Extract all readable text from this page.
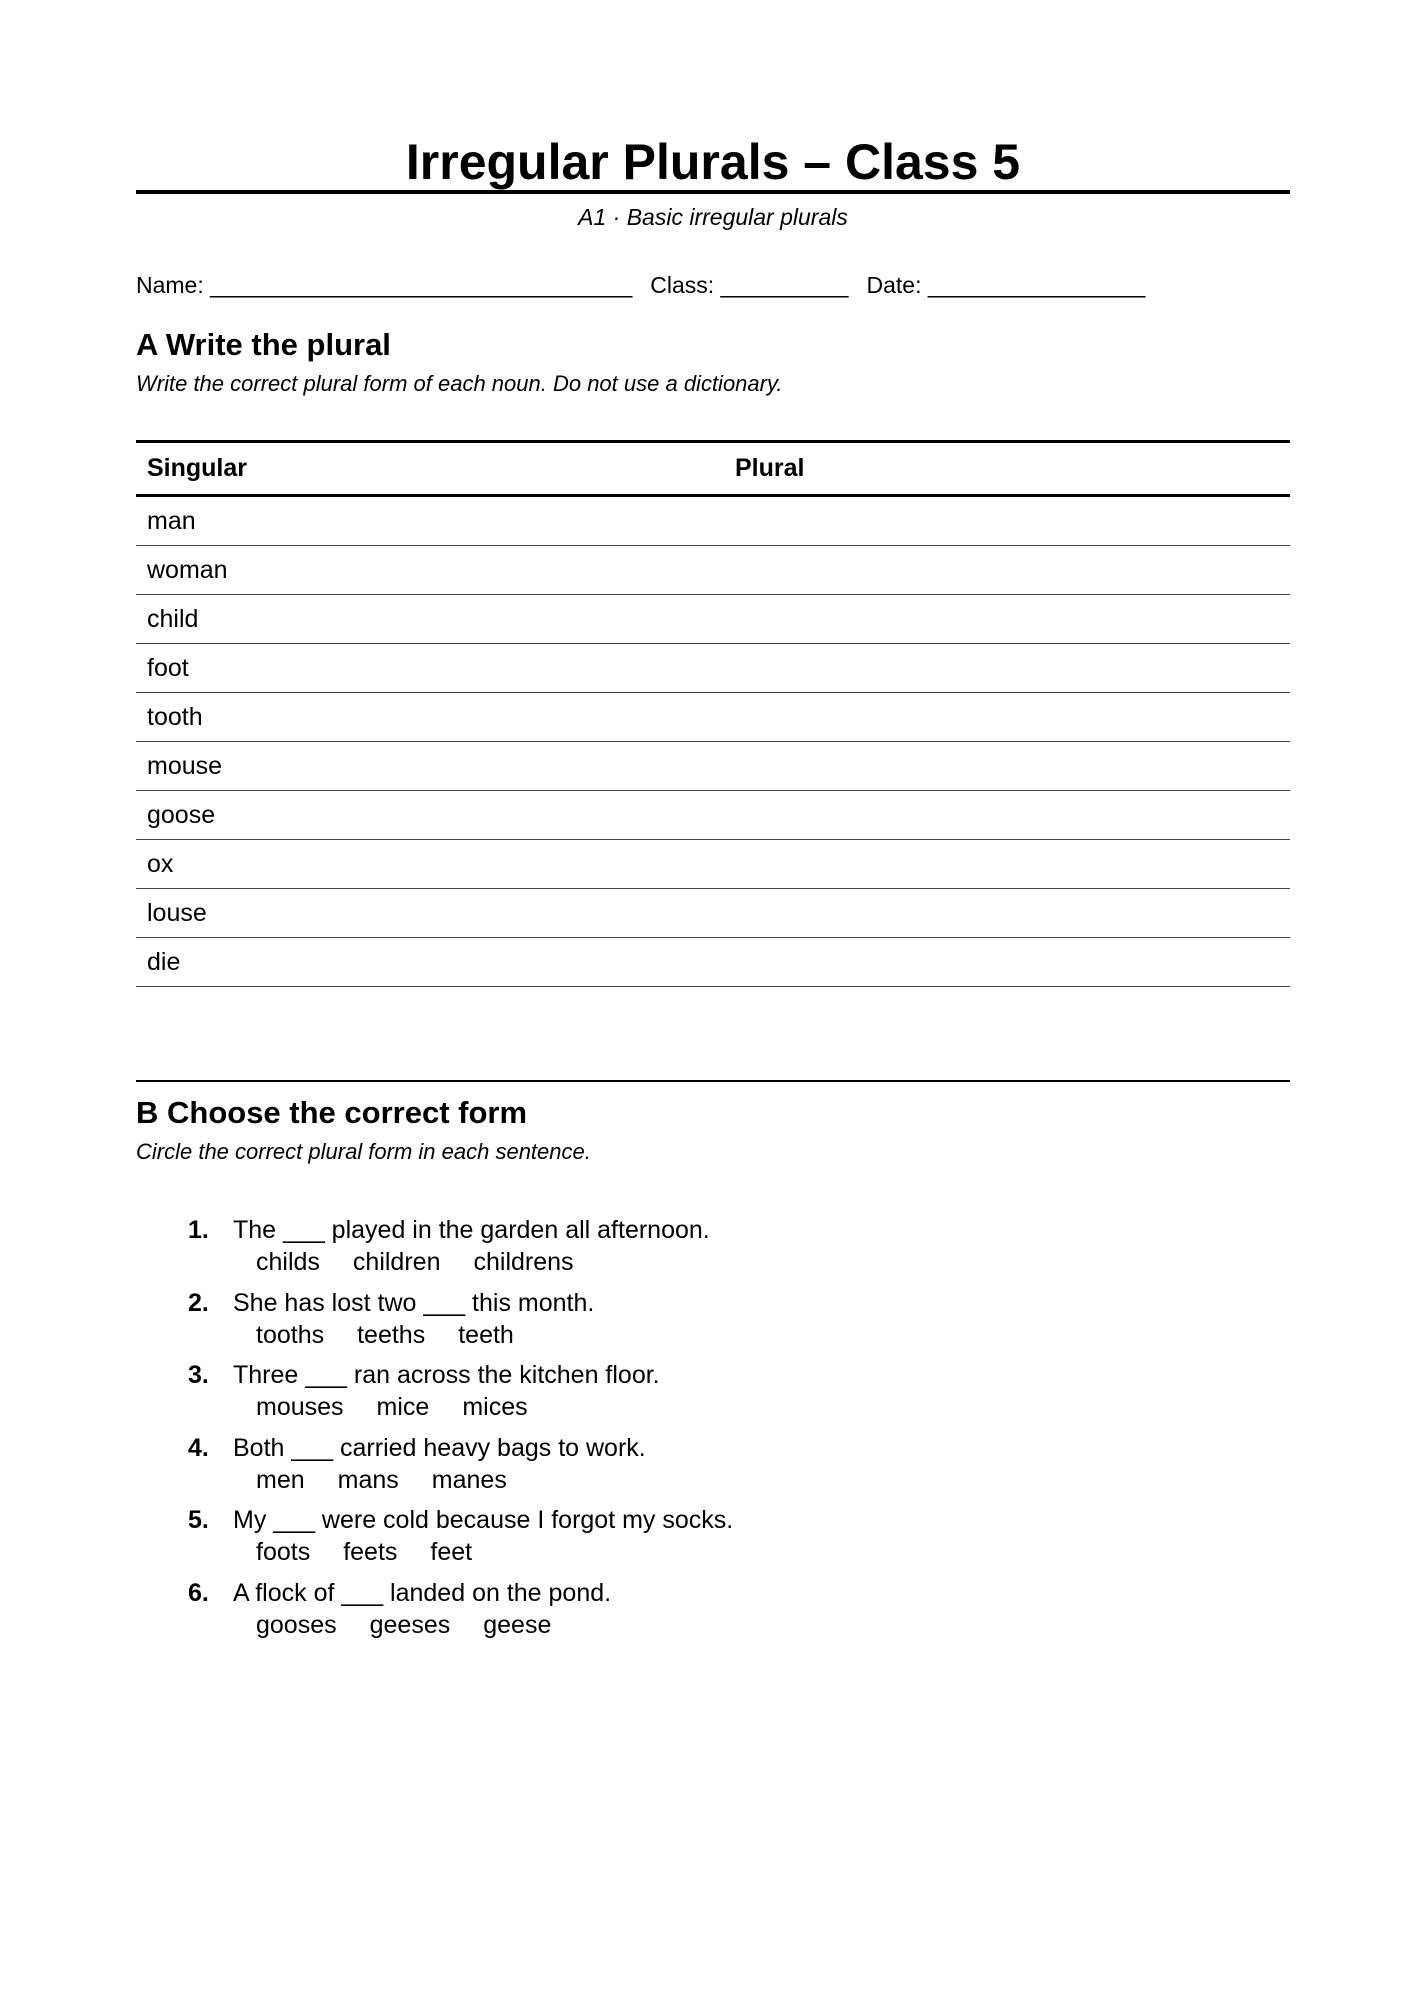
Irregular Plurals – Class 5
A1 · Basic irregular plurals
Name: _________________________________ Class: __________ Date: _________________
A Write the plural
Write the correct plural form of each noun. Do not use a dictionary.
Singular	Plural
man	
woman	
child	
foot	
tooth	
mouse	
goose	
ox	
louse	
die	
B Choose the correct form
Circle the correct plural form in each sentence.
1. The ___ played in the garden all afternoon.
childs children childrens
2. She has lost two ___ this month.
tooths teeths teeth
3. Three ___ ran across the kitchen floor.
mouses mice mices
4. Both ___ carried heavy bags to work.
men mans manes
5. My ___ were cold because I forgot my socks.
foots feets feet
6. A flock of ___ landed on the pond.
gooses geeses geese
